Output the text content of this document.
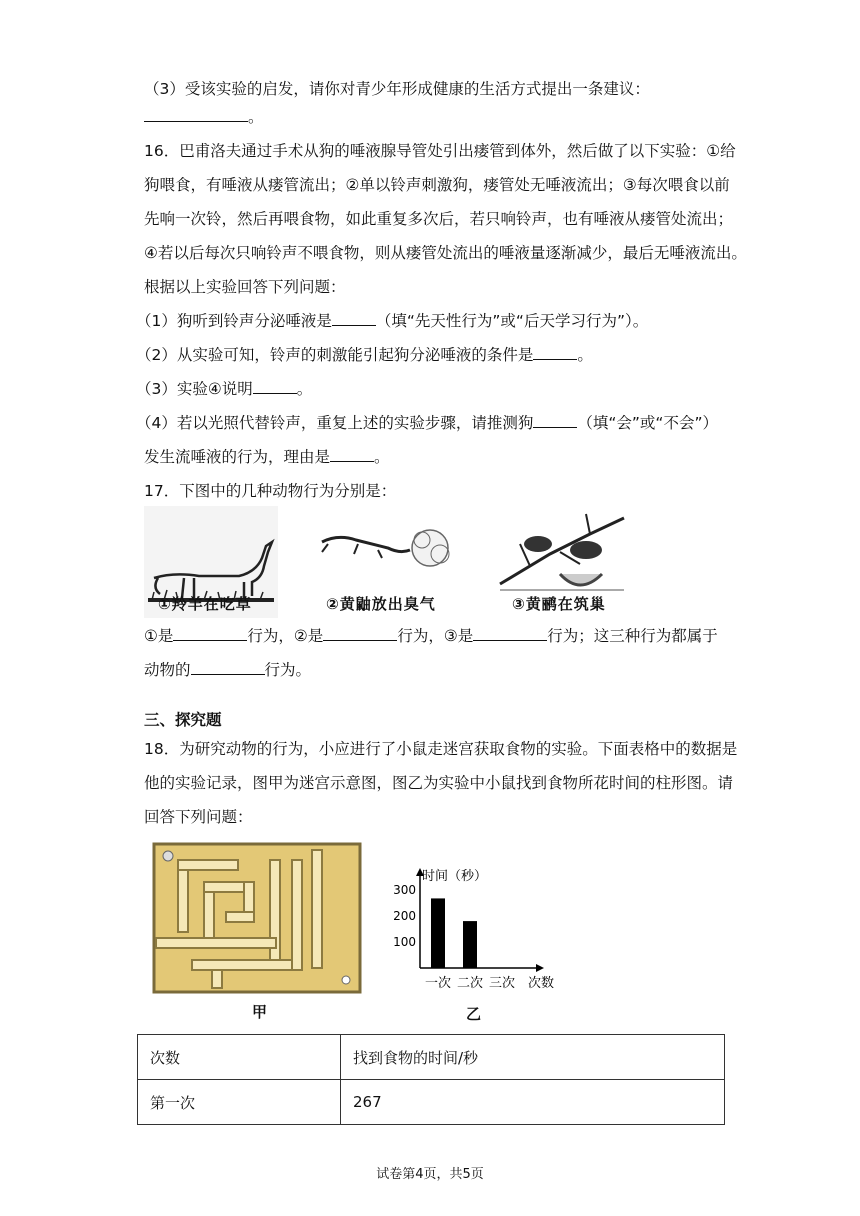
（3）受该实验的启发，请你对青少年形成健康的生活方式提出一条建议：
。
16．巴甫洛夫通过手术从狗的唾液腺导管处引出瘘管到体外，然后做了以下实验：①给
狗喂食，有唾液从瘘管流出；②单以铃声刺激狗，瘘管处无唾液流出；③每次喂食以前
先响一次铃，然后再喂食物，如此重复多次后，若只响铃声，也有唾液从瘘管处流出；
④若以后每次只响铃声不喂食物，则从瘘管处流出的唾液量逐渐减少，最后无唾液流出。
根据以上实验回答下列问题：
（1）狗听到铃声分泌唾液是	（填“先天性行为”或“后天学习行为”）。
（2）从实验可知，铃声的刺激能引起狗分泌唾液的条件是	。
（3）实验④说明	。
（4）若以光照代替铃声，重复上述的实验步骤，请推测狗	（填“会”或“不会”）
发生流唾液的行为，理由是	。
17．下图中的几种动物行为分别是：
①羚羊在吃草	②黄鼬放出臭气	③黄鹂在筑巢
①是	行为，②是	行为，③是	行为；这三种行为都属于
动物的	行为。
三、探究题
18．为研究动物的行为，小应进行了小鼠走迷宫获取食物的实验。下面表格中的数据是
他的实验记录，图甲为迷宫示意图，图乙为实验中小鼠找到食物所花时间的柱形图。请
回答下列问题：
甲
时间（秒）
次数
100
200
300
一次 二次 三次
乙
次数	找到食物的时间/秒
第一次	267
试卷第4页，共5页
